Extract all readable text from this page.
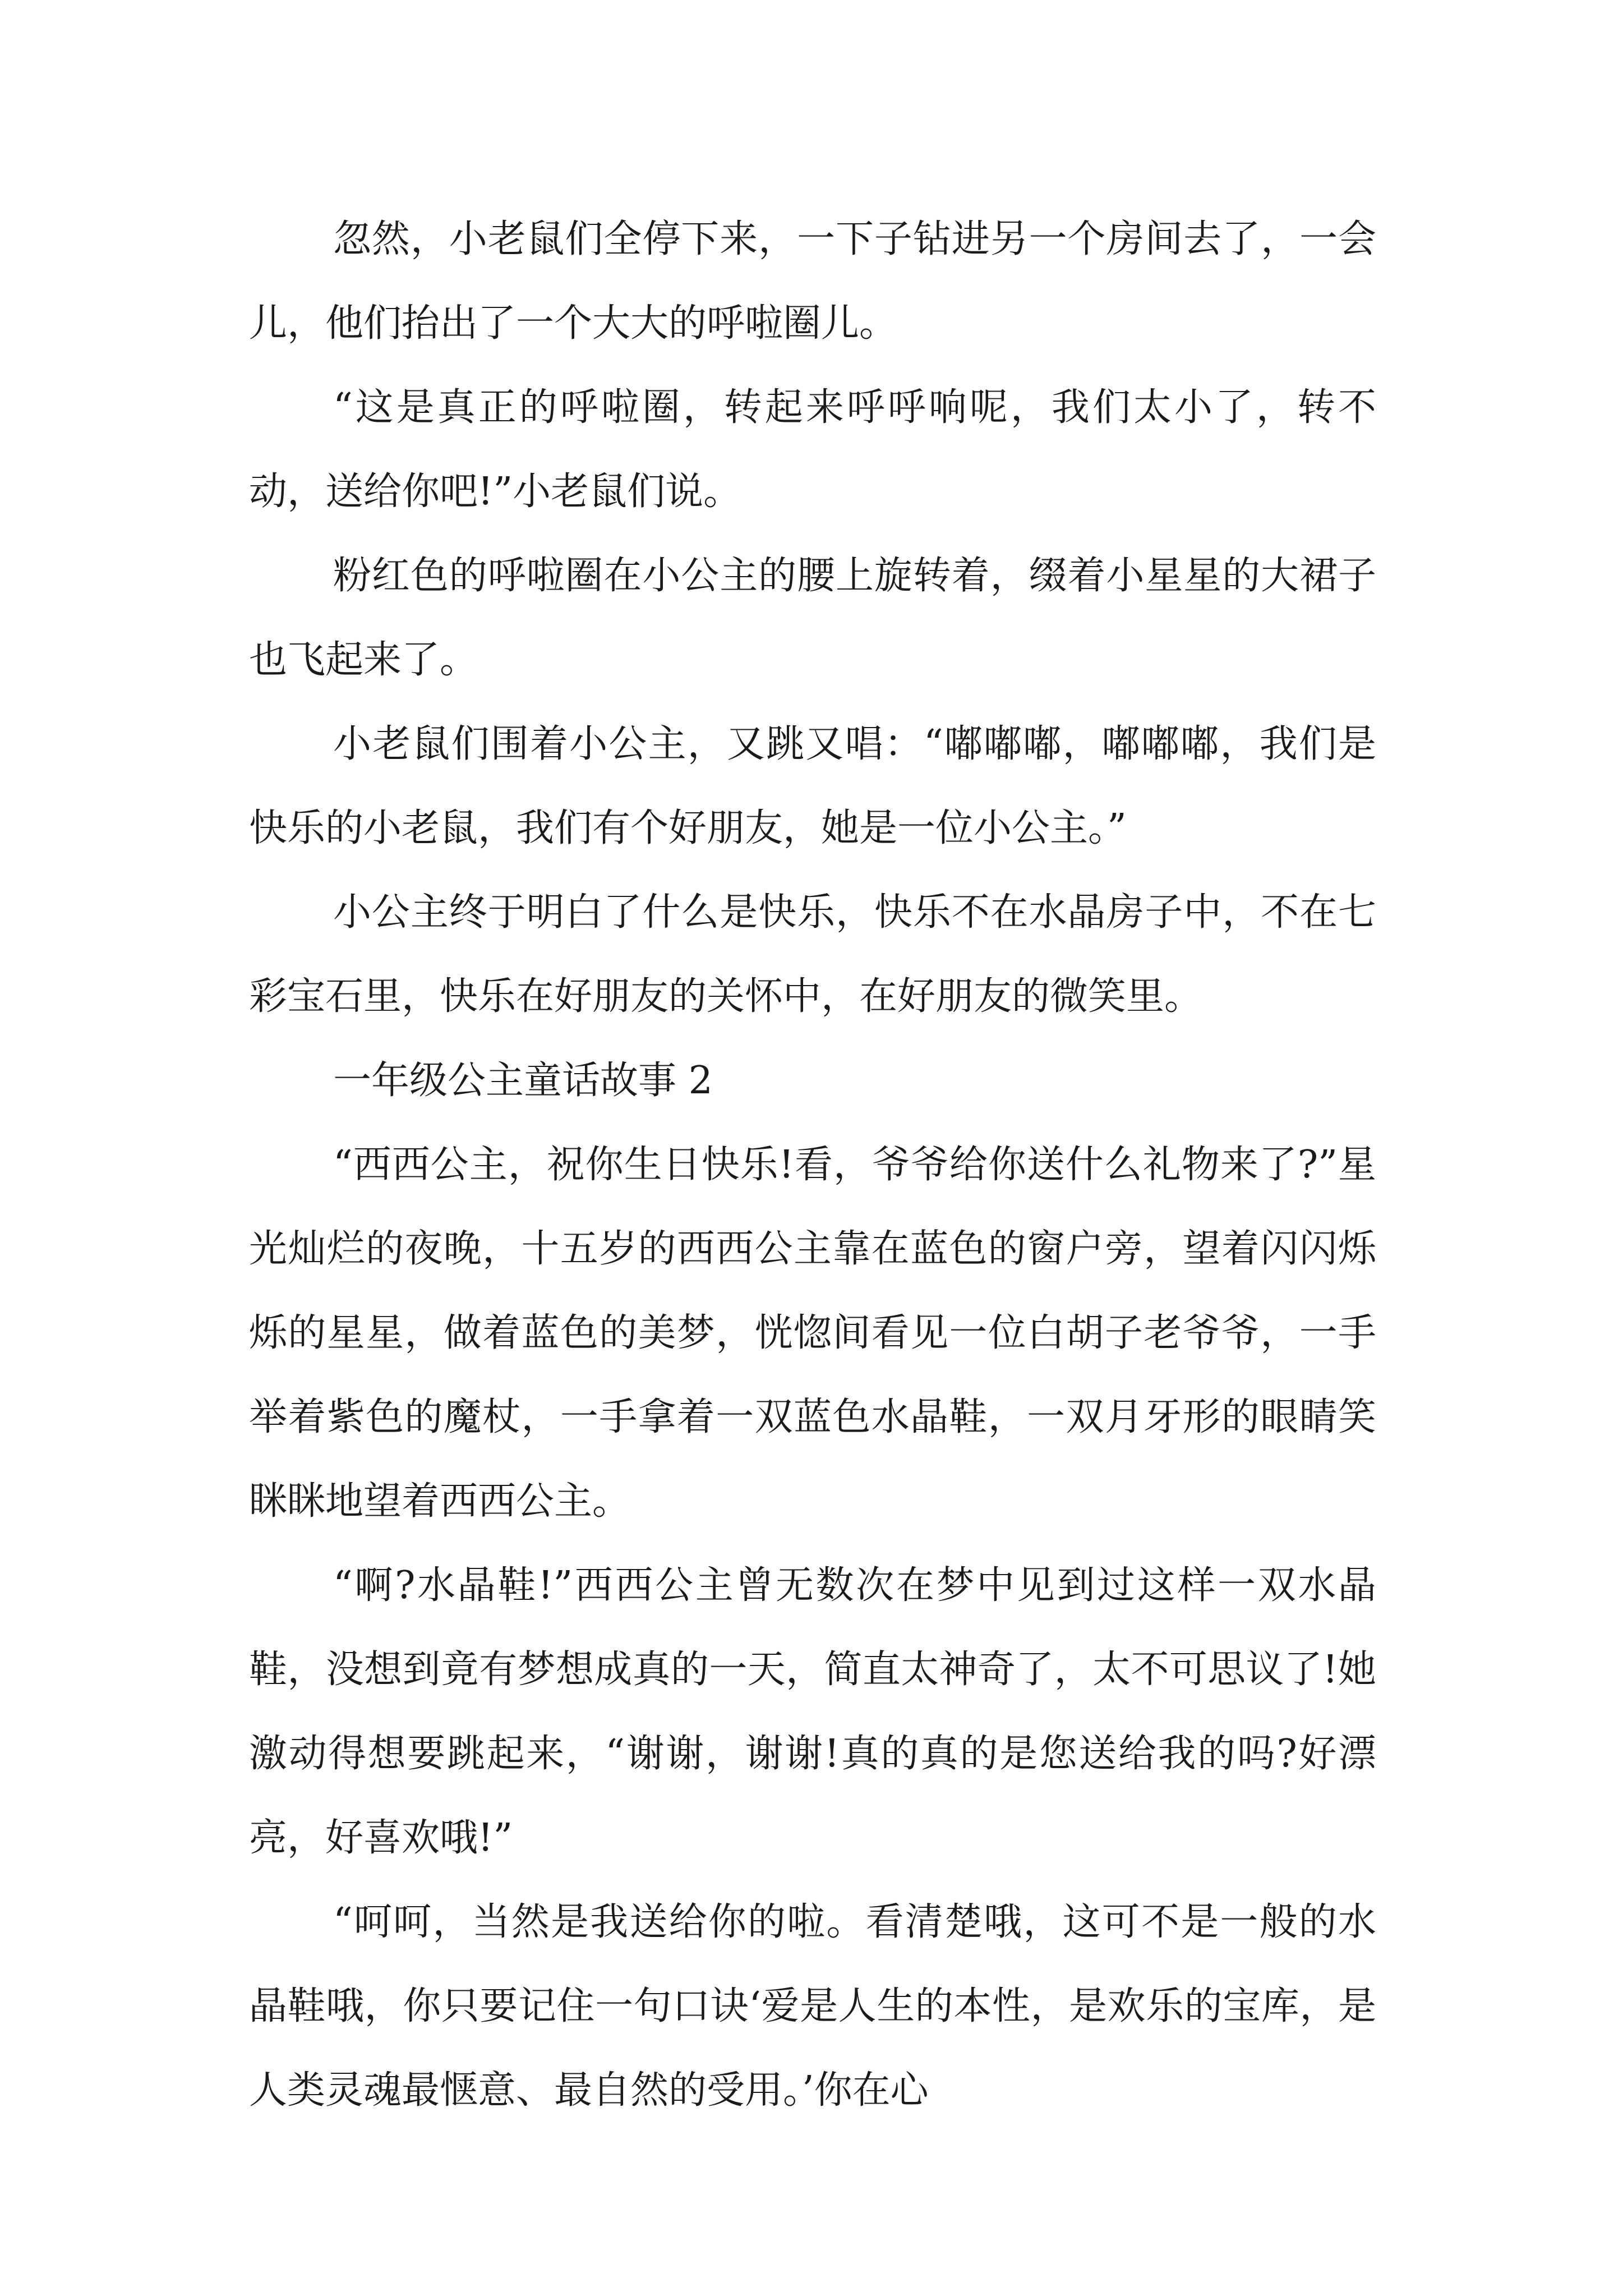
忽然，小老鼠们全停下来，一下子钻进另一个房间去了，一会儿，他们抬出了一个大大的呼啦圈儿。

“这是真正的呼啦圈，转起来呼呼响呢，我们太小了，转不动，送给你吧!”小老鼠们说。

粉红色的呼啦圈在小公主的腰上旋转着，缀着小星星的大裙子也飞起来了。

小老鼠们围着小公主，又跳又唱：“嘟嘟嘟，嘟嘟嘟，我们是快乐的小老鼠，我们有个好朋友，她是一位小公主。”

小公主终于明白了什么是快乐，快乐不在水晶房子中，不在七彩宝石里，快乐在好朋友的关怀中，在好朋友的微笑里。

一年级公主童话故事 2

“西西公主，祝你生日快乐!看，爷爷给你送什么礼物来了?”星光灿烂的夜晚，十五岁的西西公主靠在蓝色的窗户旁，望着闪闪烁烁的星星，做着蓝色的美梦，恍惚间看见一位白胡子老爷爷，一手举着紫色的魔杖，一手拿着一双蓝色水晶鞋，一双月牙形的眼睛笑眯眯地望着西西公主。

“啊?水晶鞋!”西西公主曾无数次在梦中见到过这样一双水晶鞋，没想到竟有梦想成真的一天，简直太神奇了，太不可思议了!她激动得想要跳起来，“谢谢，谢谢!真的真的是您送给我的吗?好漂亮，好喜欢哦!”

“呵呵，当然是我送给你的啦。看清楚哦，这可不是一般的水晶鞋哦，你只要记住一句口诀‘爱是人生的本性，是欢乐的宝库，是人类灵魂最惬意、最自然的受用。’你在心
